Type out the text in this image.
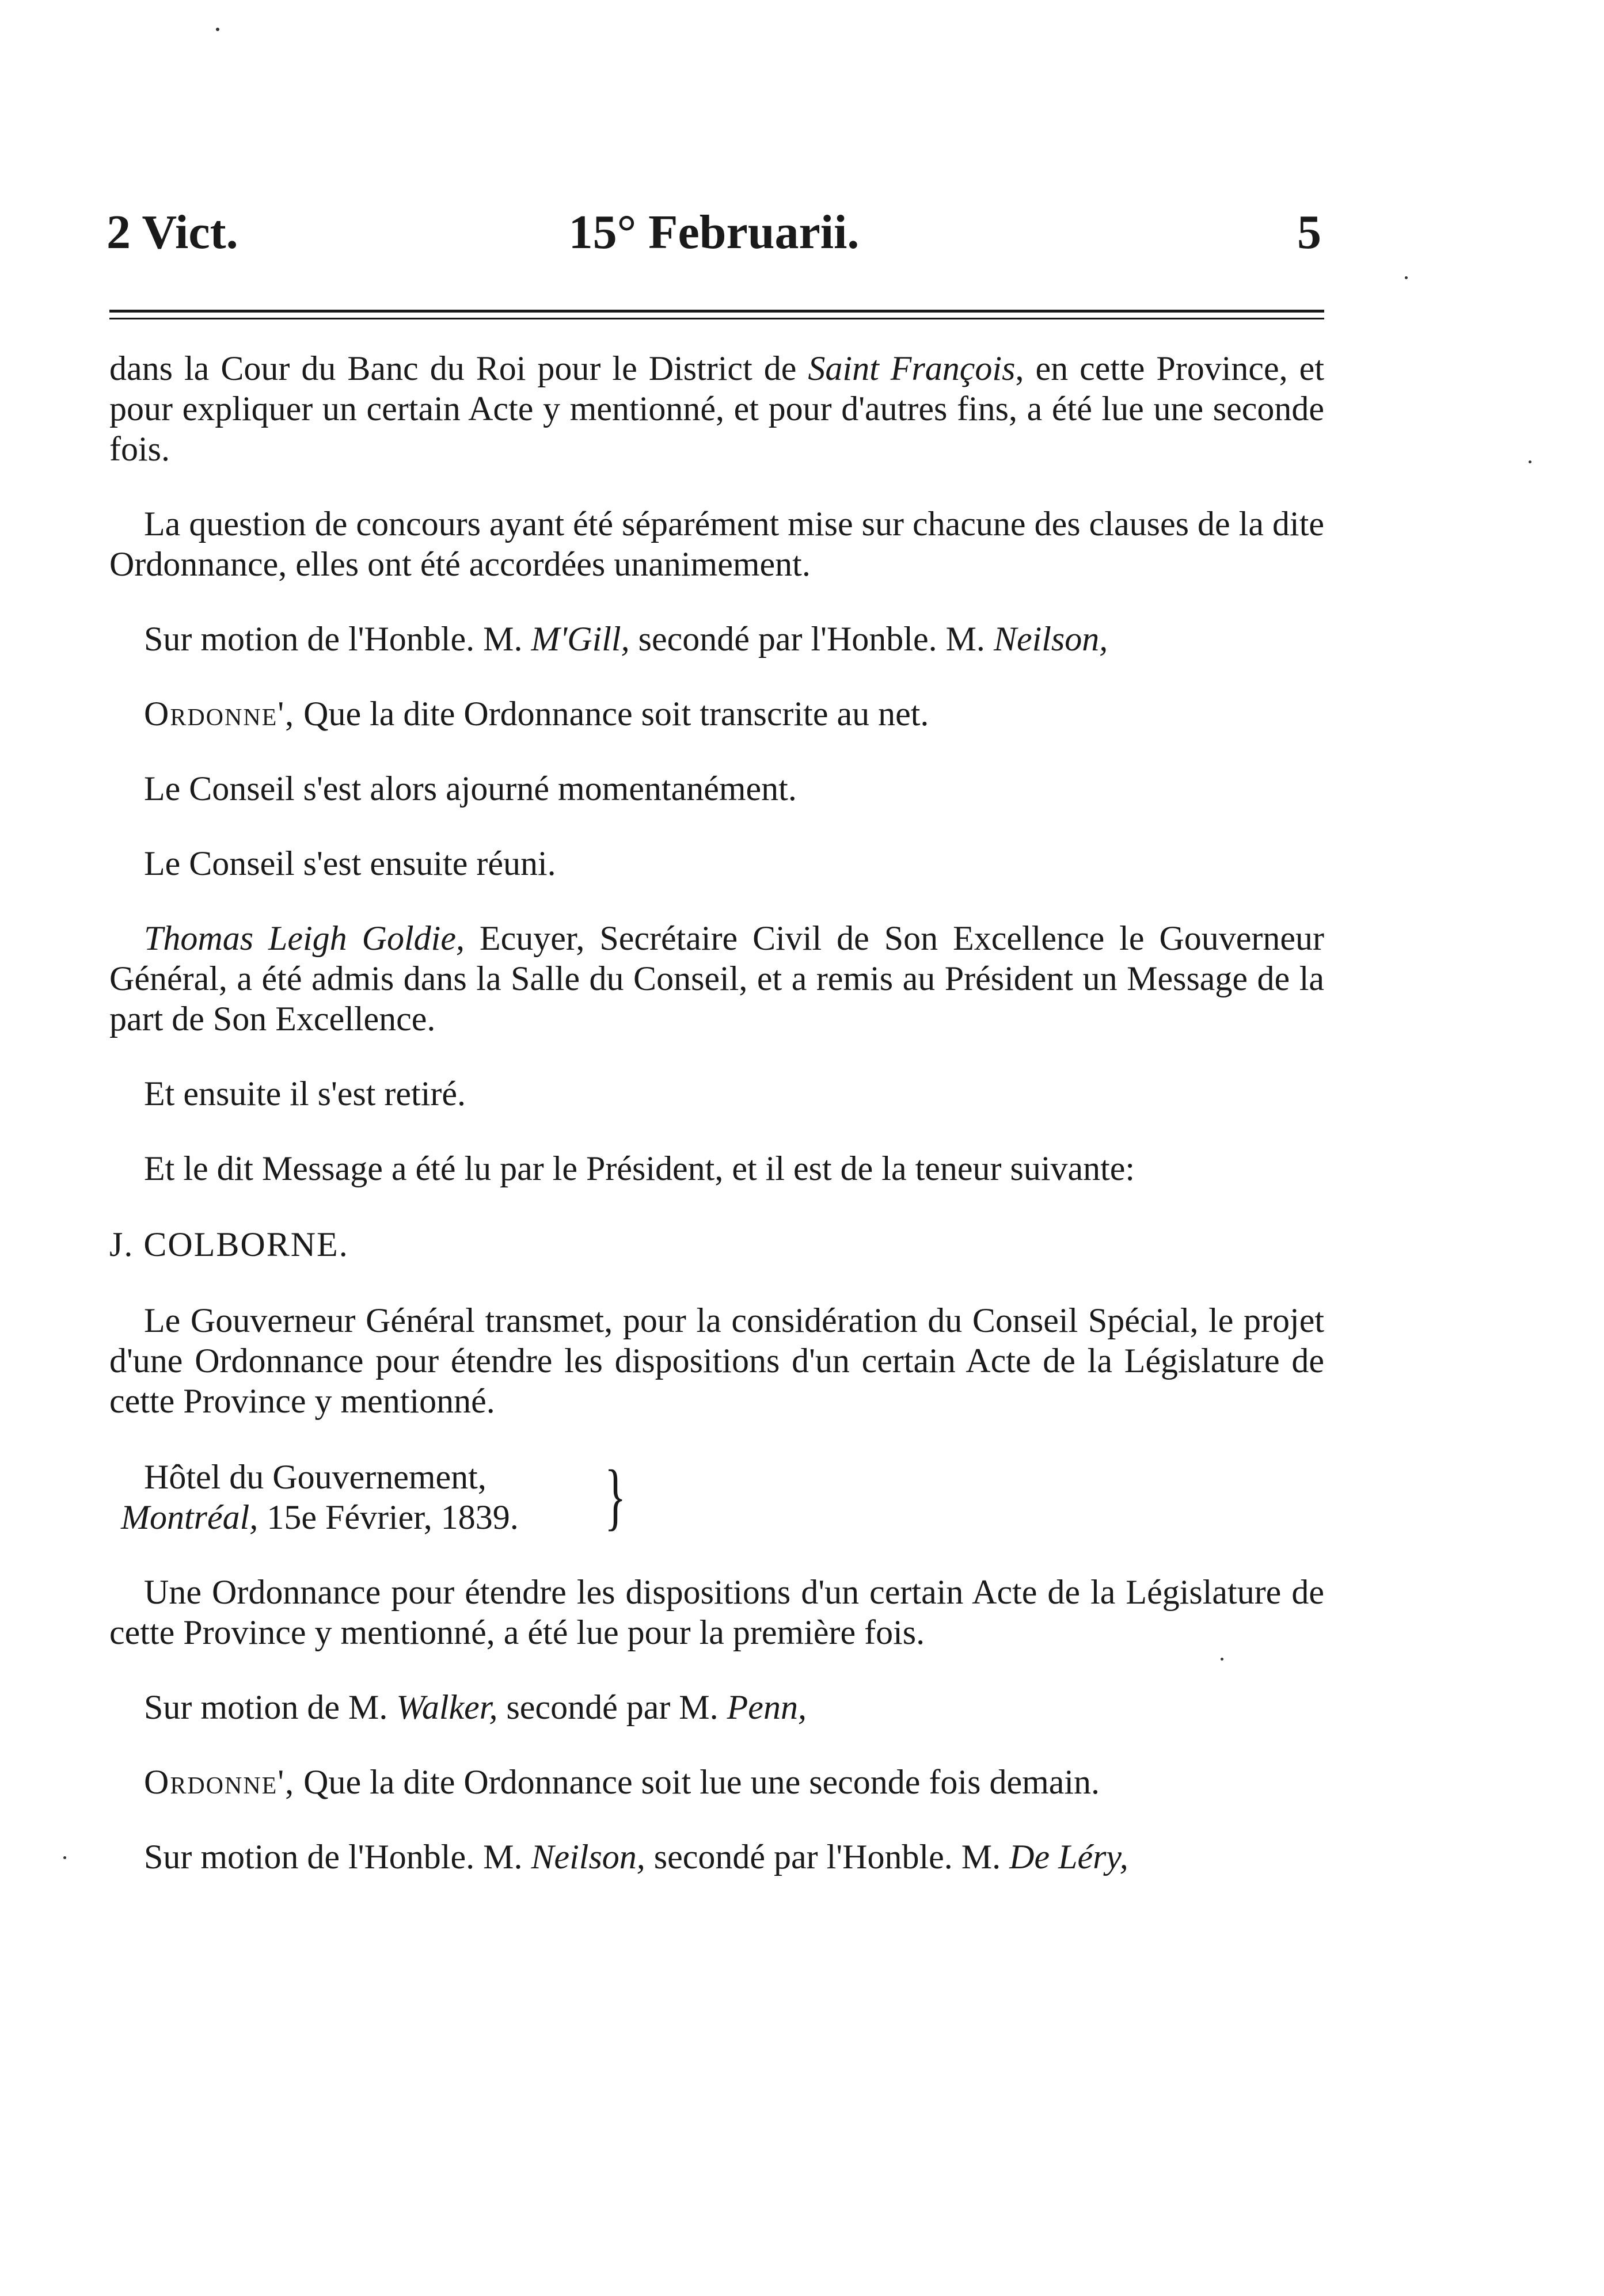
2 Vict.	15° Februarii.	5

dans la Cour du Banc du Roi pour le District de Saint François, en cette Province, et pour expliquer un certain Acte y mentionné, et pour d'autres fins, a été lue une seconde fois.

La question de concours ayant été séparément mise sur chacune des clauses de la dite Ordonnance, elles ont été accordées unanimement.

Sur motion de l'Honble. M. M'Gill, secondé par l'Honble. M. Neilson,

Ordonne', Que la dite Ordonnance soit transcrite au net.

Le Conseil s'est alors ajourné momentanément.

Le Conseil s'est ensuite réuni.

Thomas Leigh Goldie, Ecuyer, Secrétaire Civil de Son Excellence le Gouverneur Général, a été admis dans la Salle du Conseil, et a remis au Président un Message de la part de Son Excellence.

Et ensuite il s'est retiré.

Et le dit Message a été lu par le Président, et il est de la teneur suivante:

J. COLBORNE.

Le Gouverneur Général transmet, pour la considération du Conseil Spécial, le projet d'une Ordonnance pour étendre les dispositions d'un certain Acte de la Législature de cette Province y mentionné.

Hôtel du Gouvernement,
Montréal, 15e Février, 1839. }

Une Ordonnance pour étendre les dispositions d'un certain Acte de la Législature de cette Province y mentionné, a été lue pour la première fois.

Sur motion de M. Walker, secondé par M. Penn,

Ordonne', Que la dite Ordonnance soit lue une seconde fois demain.

Sur motion de l'Honble. M. Neilson, secondé par l'Honble. M. De Léry,
